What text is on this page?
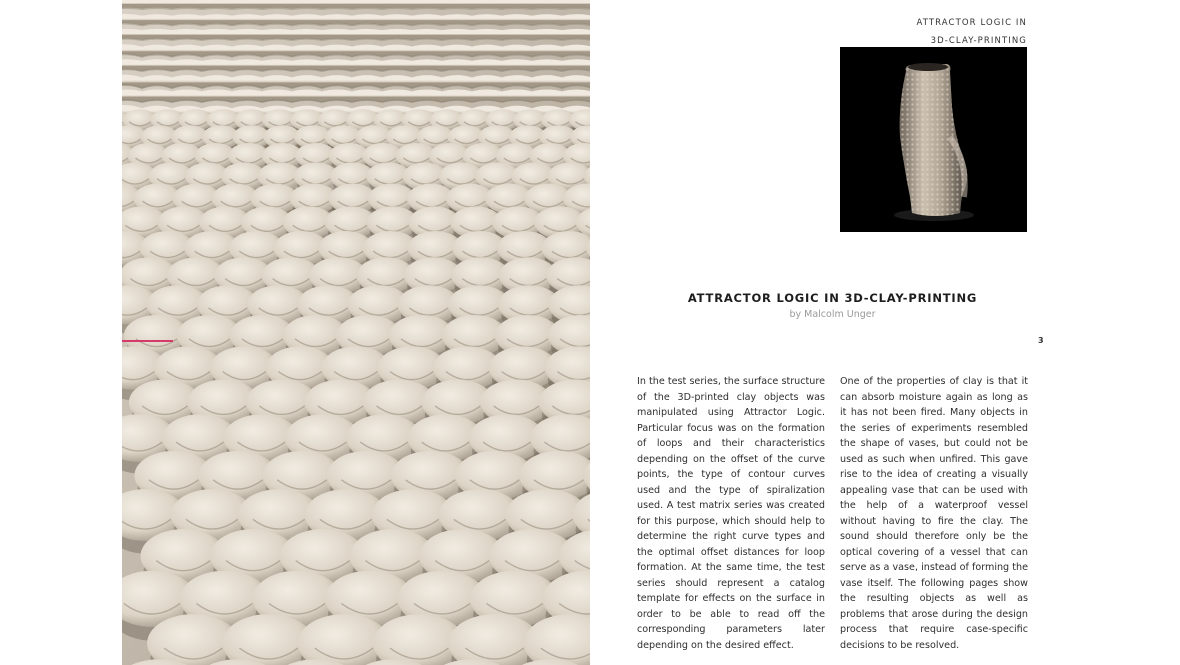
ATTRACTOR LOGIC IN
3D-CLAY-PRINTING
ATTRACTOR LOGIC IN 3D-CLAY-PRINTING
by Malcolm Unger
3
In the test series, the surface structure of the 3D-printed clay objects was manipulated using Attractor Logic. Particular focus was on the formation of loops and their characteristics depending on the offset of the curve points, the type of contour curves used and the type of spiralization used. A test matrix series was created for this purpose, which should help to determine the right curve types and the optimal offset distances for loop formation. At the same time, the test series should represent a catalog template for effects on the surface in order to be able to read off the corresponding parameters later depending on the desired effect.
One of the properties of clay is that it can absorb moisture again as long as it has not been fired. Many objects in the series of experiments resembled the shape of vases, but could not be used as such when unfired. This gave rise to the idea of creating a visually appealing vase that can be used with the help of a waterproof vessel without having to fire the clay. The sound should therefore only be the optical covering of a vessel that can serve as a vase, instead of forming the vase itself. The following pages show the resulting objects as well as problems that arose during the design process that require case-specific decisions to be resolved.
